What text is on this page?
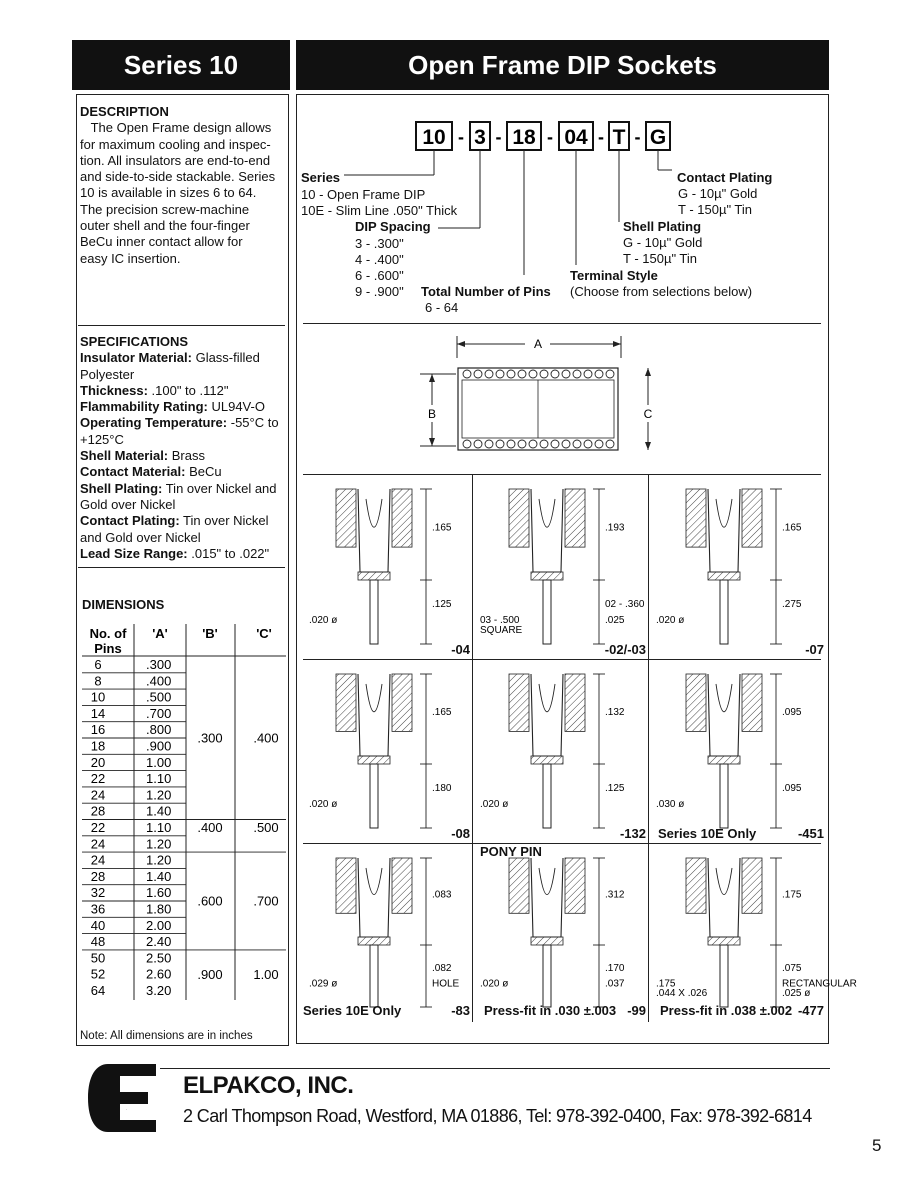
Series 10	Open Frame DIP Sockets
DESCRIPTION
The Open Frame design allows
for maximum cooling and inspec-
tion. All insulators are end-to-end
and side-to-side stackable. Series
10 is available in sizes 6 to 64.
The precision screw-machine
outer shell and the four-finger
BeCu inner contact allow for
easy IC insertion.
SPECIFICATIONS
Insulator Material: Glass-filled
Polyester
Thickness: .100" to .112"
Flammability Rating: UL94V-O
Operating Temperature: -55°C to
+125°C
Shell Material: Brass
Contact Material: BeCu
Shell Plating: Tin over Nickel and
Gold over Nickel
Contact Plating: Tin over Nickel
and Gold over Nickel
Lead Size Range: .015" to .022"
DIMENSIONS
No. of
Pins
'A'	'B'	'C'
6	.300
8	.400
10	.500
14	.700
16	.800
18	.900
20	1.00
22	1.10
24	1.20
28	1.40
.300 .400
22	1.10
24	1.20
.400 .500
24	1.20
28	1.40
32	1.60
36	1.80
40	2.00
48	2.40
.600 .700
50	2.50
52	2.60
64	3.20
.900 1.00
Note: All dimensions are in inches
10 - 3 - 18 - 04 - T - G
Series
10 - Open Frame DIP
10E - Slim Line .050" Thick
DIP Spacing
3 - .300"
4 - .400"
6 - .600"
9 - .900" Total Number of Pins
6 - 64
Terminal Style
(Choose from selections below)
Shell Plating
G - 10µ" Gold
T - 150µ" Tin
Contact Plating
G - 10µ" Gold
T - 150µ" Tin
A
B	C
.165
.125
.020 ø
-04
.193
02 - .360
03 - .500	.025
SQUARE
-02/-03
.165
.275
.020 ø
-07
.165
.180
.020 ø
-08
.132
.125
.020 ø
-132
.095
.095
.030 ø
-451
Series 10E Only
.083
.082
.029 ø	HOLE
-83
Series 10E Only
.312
.170
.020 ø	.037
-99
PONY PIN
Press-fit in .030 ±.003
.175
.075
.175	RECTANGULAR
.044 X .026	.025 ø
-477
Press-fit in .038 ±.002
E
ELPAKCO, INC.
2 Carl Thompson Road, Westford, MA 01886, Tel: 978-392-0400, Fax: 978-392-6814
5
